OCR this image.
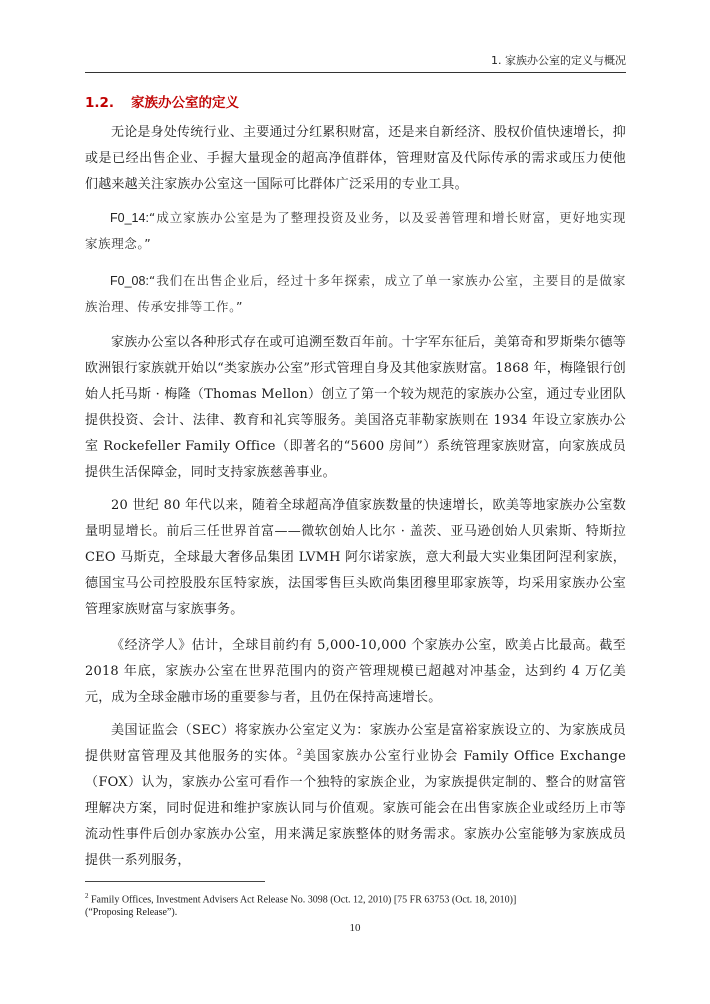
1. 家族办公室的定义与概况
1.2. 家族办公室的定义

无论是身处传统行业、主要通过分红累积财富，还是来自新经济、股权价值快速增长，抑或是已经出售企业、手握大量现金的超高净值群体，管理财富及代际传承的需求或压力使他们越来越关注家族办公室这一国际可比群体广泛采用的专业工具。

F0_14:“成立家族办公室是为了整理投资及业务，以及妥善管理和增长财富，更好地实现家族理念。”

F0_08:“我们在出售企业后，经过十多年探索，成立了单一家族办公室，主要目的是做家族治理、传承安排等工作。”

家族办公室以各种形式存在或可追溯至数百年前。十字军东征后，美第奇和罗斯柴尔德等欧洲银行家族就开始以“类家族办公室”形式管理自身及其他家族财富。1868 年，梅隆银行创始人托马斯 · 梅隆（Thomas Mellon）创立了第一个较为规范的家族办公室，通过专业团队提供投资、会计、法律、教育和礼宾等服务。美国洛克菲勒家族则在 1934 年设立家族办公室 Rockefeller Family Office（即著名的“5600 房间”）系统管理家族财富，向家族成员提供生活保障金，同时支持家族慈善事业。

20 世纪 80 年代以来，随着全球超高净值家族数量的快速增长，欧美等地家族办公室数量明显增长。前后三任世界首富——微软创始人比尔 · 盖茨、亚马逊创始人贝索斯、特斯拉 CEO 马斯克，全球最大奢侈品集团 LVMH 阿尔诺家族，意大利最大实业集团阿涅利家族，德国宝马公司控股股东匡特家族，法国零售巨头欧尚集团穆里耶家族等，均采用家族办公室管理家族财富与家族事务。

《经济学人》估计，全球目前约有 5,000-10,000 个家族办公室，欧美占比最高。截至 2018 年底，家族办公室在世界范围内的资产管理规模已超越对冲基金，达到约 4 万亿美元，成为全球金融市场的重要参与者，且仍在保持高速增长。

美国证监会（SEC）将家族办公室定义为：家族办公室是富裕家族设立的、为家族成员提供财富管理及其他服务的实体。$^2$美国家族办公室行业协会 Family Office Exchange（FOX）认为，家族办公室可看作一个独特的家族企业，为家族提供定制的、整合的财富管理解决方案，同时促进和维护家族认同与价值观。家族可能会在出售家族企业或经历上市等流动性事件后创办家族办公室，用来满足家族整体的财务需求。家族办公室能够为家族成员提供一系列服务，

$^2$ Family Offices, Investment Advisers Act Release No. 3098 (Oct. 12, 2010) [75 FR 63753 (Oct. 18, 2010)]
(“Proposing Release”).
10
